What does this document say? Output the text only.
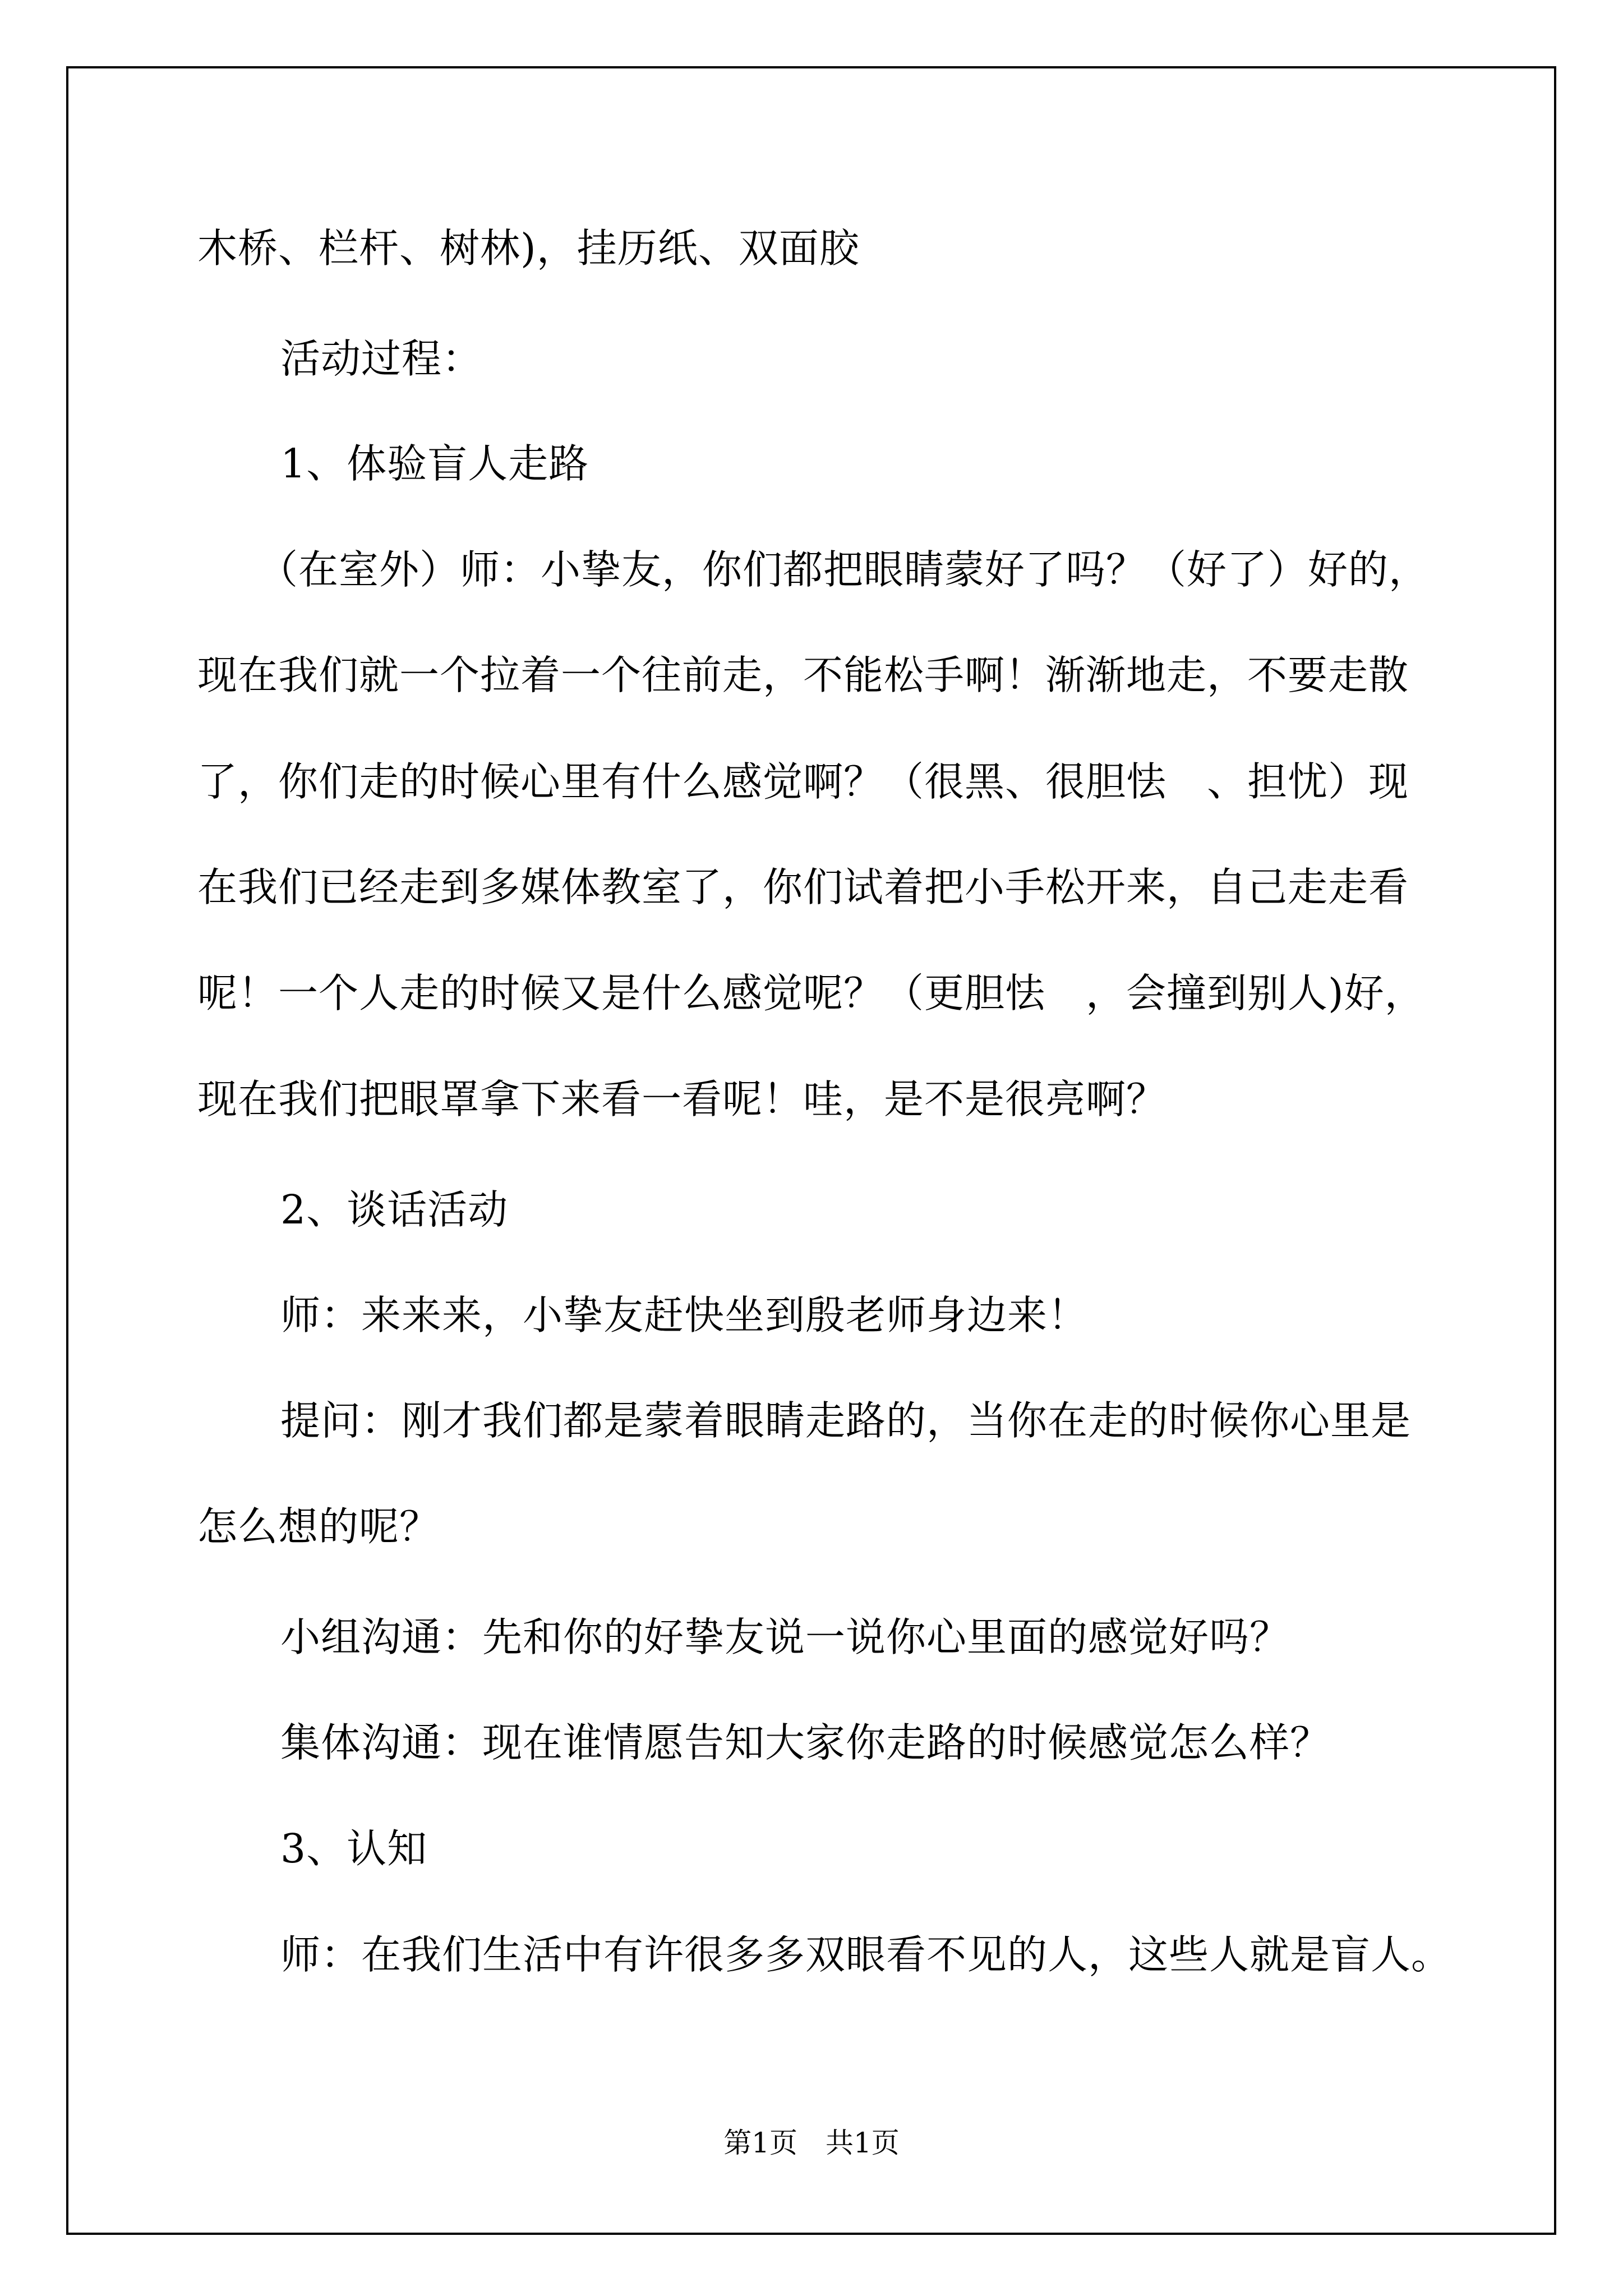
木桥、栏杆、树林)，挂历纸、双面胶
活动过程：
1、体验盲人走路
（在室外）师：小挚友，你们都把眼睛蒙好了吗？（好了）好的，
现在我们就一个拉着一个往前走，不能松手啊！渐渐地走，不要走散
了，你们走的时候心里有什么感觉啊？（很黑、很胆怯　、担忧）现
在我们已经走到多媒体教室了，你们试着把小手松开来，自己走走看
呢！一个人走的时候又是什么感觉呢？（更胆怯　，会撞到别人)好，
现在我们把眼罩拿下来看一看呢！哇，是不是很亮啊？
2、谈话活动
师：来来来，小挚友赶快坐到殷老师身边来！
提问：刚才我们都是蒙着眼睛走路的，当你在走的时候你心里是
怎么想的呢？
小组沟通：先和你的好挚友说一说你心里面的感觉好吗？
集体沟通：现在谁情愿告知大家你走路的时候感觉怎么样？
3、认知
师：在我们生活中有许很多多双眼看不见的人，这些人就是盲人。
第1页　共1页
